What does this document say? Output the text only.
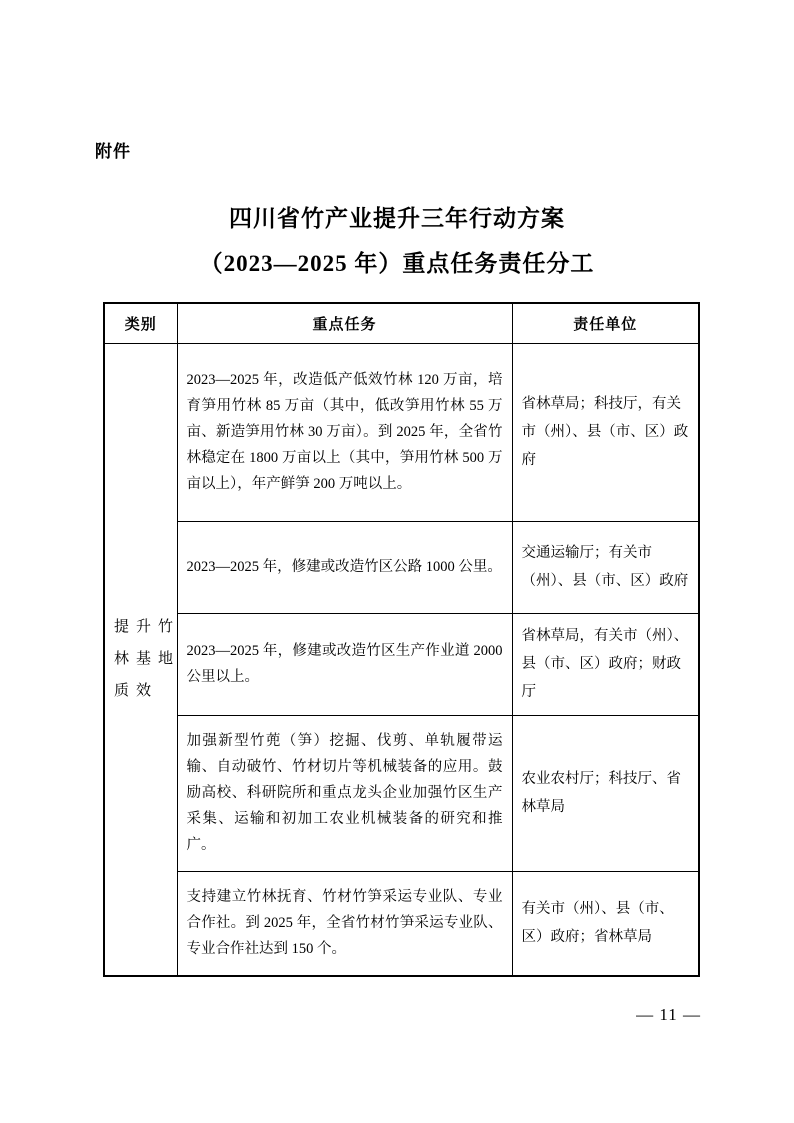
附件
四川省竹产业提升三年行动方案
（2023—2025 年）重点任务责任分工
类别	重点任务	责任单位

提升竹林基地质效	2023—2025 年，改造低产低效竹林 120 万亩，培育笋用竹林 85 万亩（其中，低改笋用竹林 55 万亩、新造笋用竹林 30 万亩）。到 2025 年，全省竹林稳定在 1800 万亩以上（其中，笋用竹林 500 万亩以上），年产鲜笋 200 万吨以上。	省林草局；科技厅，有关市（州）、县（市、区）政府
	2023—2025 年，修建或改造竹区公路 1000 公里。	交通运输厅；有关市（州）、县（市、区）政府
	2023—2025 年，修建或改造竹区生产作业道 2000 公里以上。	省林草局，有关市（州）、县（市、区）政府；财政厅
	加强新型竹蔸（笋）挖掘、伐剪、单轨履带运输、自动破竹、竹材切片等机械装备的应用。鼓励高校、科研院所和重点龙头企业加强竹区生产采集、运输和初加工农业机械装备的研究和推广。	农业农村厅；科技厅、省林草局
	支持建立竹林抚育、竹材竹笋采运专业队、专业合作社。到 2025 年，全省竹材竹笋采运专业队、专业合作社达到 150 个。	有关市（州）、县（市、区）政府；省林草局
— 11 —
